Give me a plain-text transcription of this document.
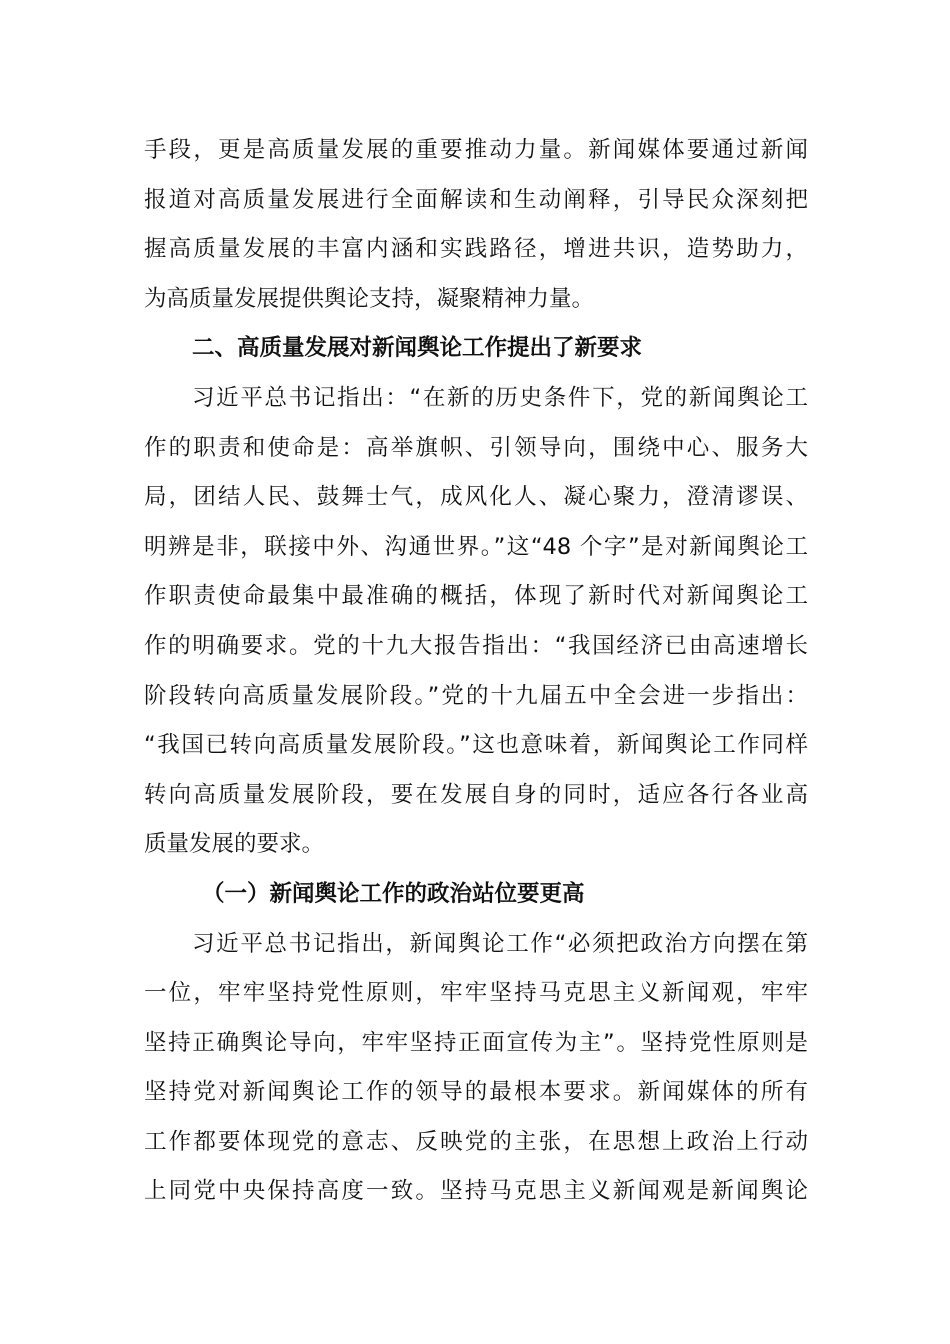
手段，更是高质量发展的重要推动力量。新闻媒体要通过新闻
报道对高质量发展进行全面解读和生动阐释，引导民众深刻把
握高质量发展的丰富内涵和实践路径，增进共识，造势助力，
为高质量发展提供舆论支持，凝聚精神力量。
二、高质量发展对新闻舆论工作提出了新要求
习近平总书记指出：“在新的历史条件下，党的新闻舆论工
作的职责和使命是：高举旗帜、引领导向，围绕中心、服务大
局，团结人民、鼓舞士气，成风化人、凝心聚力，澄清谬误、
明辨是非，联接中外、沟通世界。”这“48 个字”是对新闻舆论工
作职责使命最集中最准确的概括，体现了新时代对新闻舆论工
作的明确要求。党的十九大报告指出：“我国经济已由高速增长
阶段转向高质量发展阶段。”党的十九届五中全会进一步指出：
“我国已转向高质量发展阶段。”这也意味着，新闻舆论工作同样
转向高质量发展阶段，要在发展自身的同时，适应各行各业高
质量发展的要求。
（一）新闻舆论工作的政治站位要更高
习近平总书记指出，新闻舆论工作“必须把政治方向摆在第
一位，牢牢坚持党性原则，牢牢坚持马克思主义新闻观，牢牢
坚持正确舆论导向，牢牢坚持正面宣传为主”。坚持党性原则是
坚持党对新闻舆论工作的领导的最根本要求。新闻媒体的所有
工作都要体现党的意志、反映党的主张，在思想上政治上行动
上同党中央保持高度一致。坚持马克思主义新闻观是新闻舆论
